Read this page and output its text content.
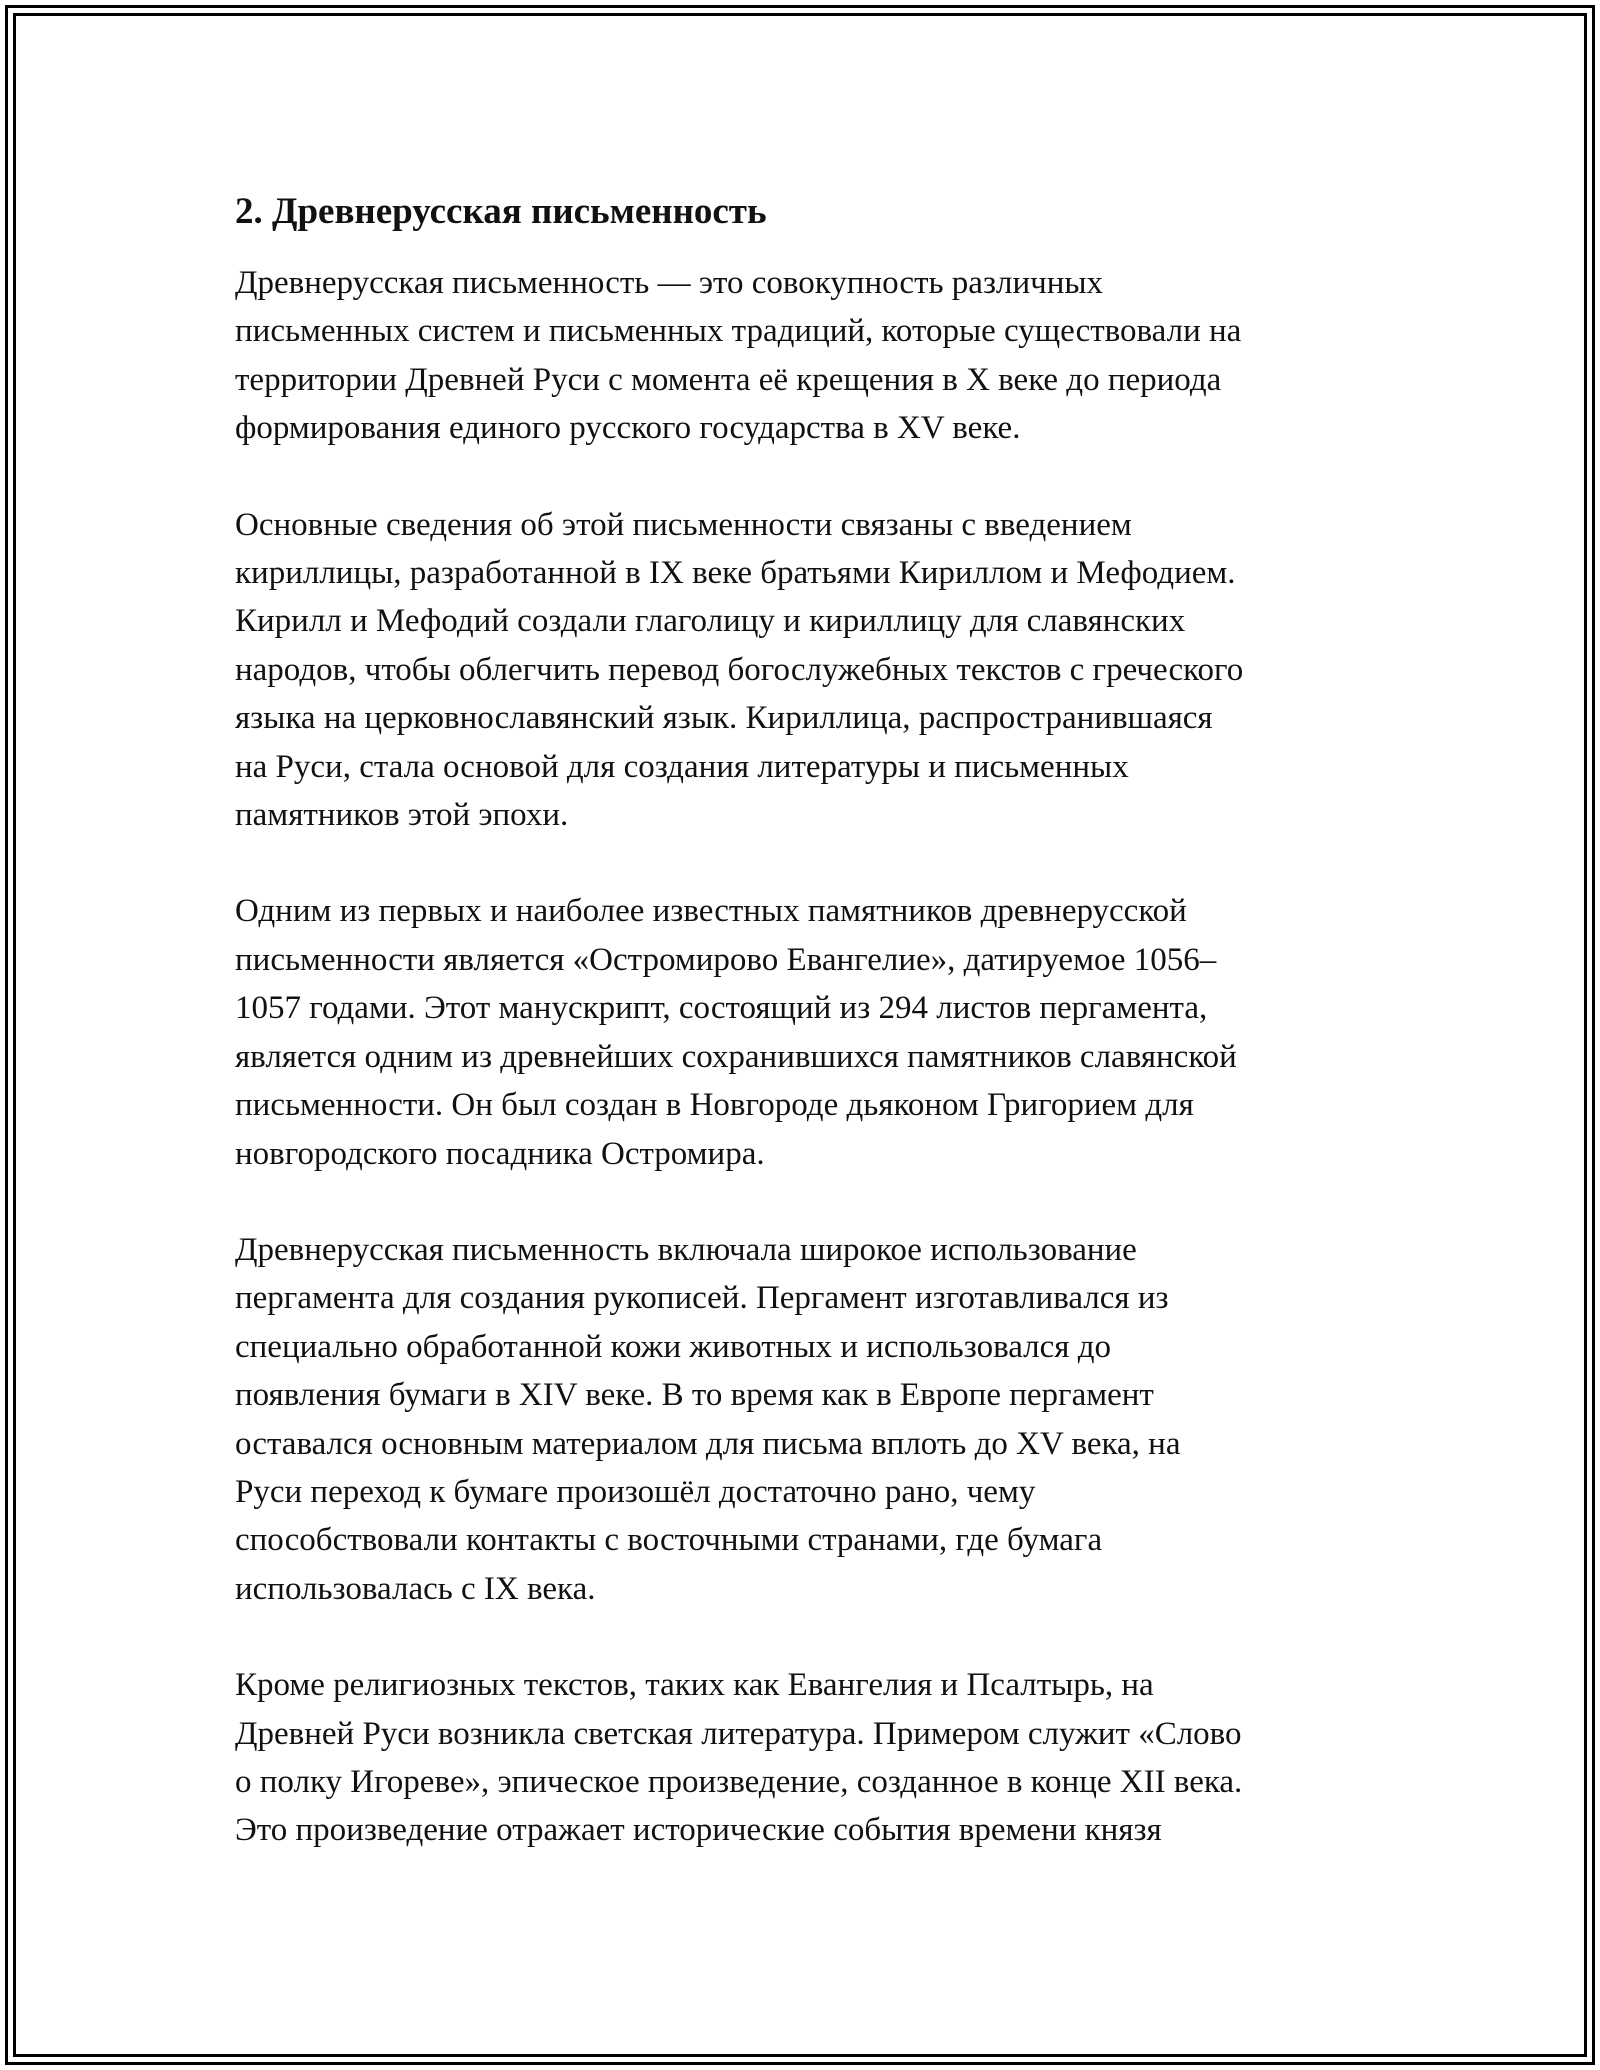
2. Древнерусская письменность

Древнерусская письменность — это совокупность различных
письменных систем и письменных традиций, которые существовали на
территории Древней Руси с момента её крещения в X веке до периода
формирования единого русского государства в XV веке.

Основные сведения об этой письменности связаны с введением
кириллицы, разработанной в IX веке братьями Кириллом и Мефодием.
Кирилл и Мефодий создали глаголицу и кириллицу для славянских
народов, чтобы облегчить перевод богослужебных текстов с греческого
языка на церковнославянский язык. Кириллица, распространившаяся
на Руси, стала основой для создания литературы и письменных
памятников этой эпохи.

Одним из первых и наиболее известных памятников древнерусской
письменности является «Остромирово Евангелие», датируемое 1056–
1057 годами. Этот манускрипт, состоящий из 294 листов пергамента,
является одним из древнейших сохранившихся памятников славянской
письменности. Он был создан в Новгороде дьяконом Григорием для
новгородского посадника Остромира.

Древнерусская письменность включала широкое использование
пергамента для создания рукописей. Пергамент изготавливался из
специально обработанной кожи животных и использовался до
появления бумаги в XIV веке. В то время как в Европе пергамент
оставался основным материалом для письма вплоть до XV века, на
Руси переход к бумаге произошёл достаточно рано, чему
способствовали контакты с восточными странами, где бумага
использовалась с IX века.

Кроме религиозных текстов, таких как Евангелия и Псалтырь, на
Древней Руси возникла светская литература. Примером служит «Слово
о полку Игореве», эпическое произведение, созданное в конце XII века.
Это произведение отражает исторические события времени князя
